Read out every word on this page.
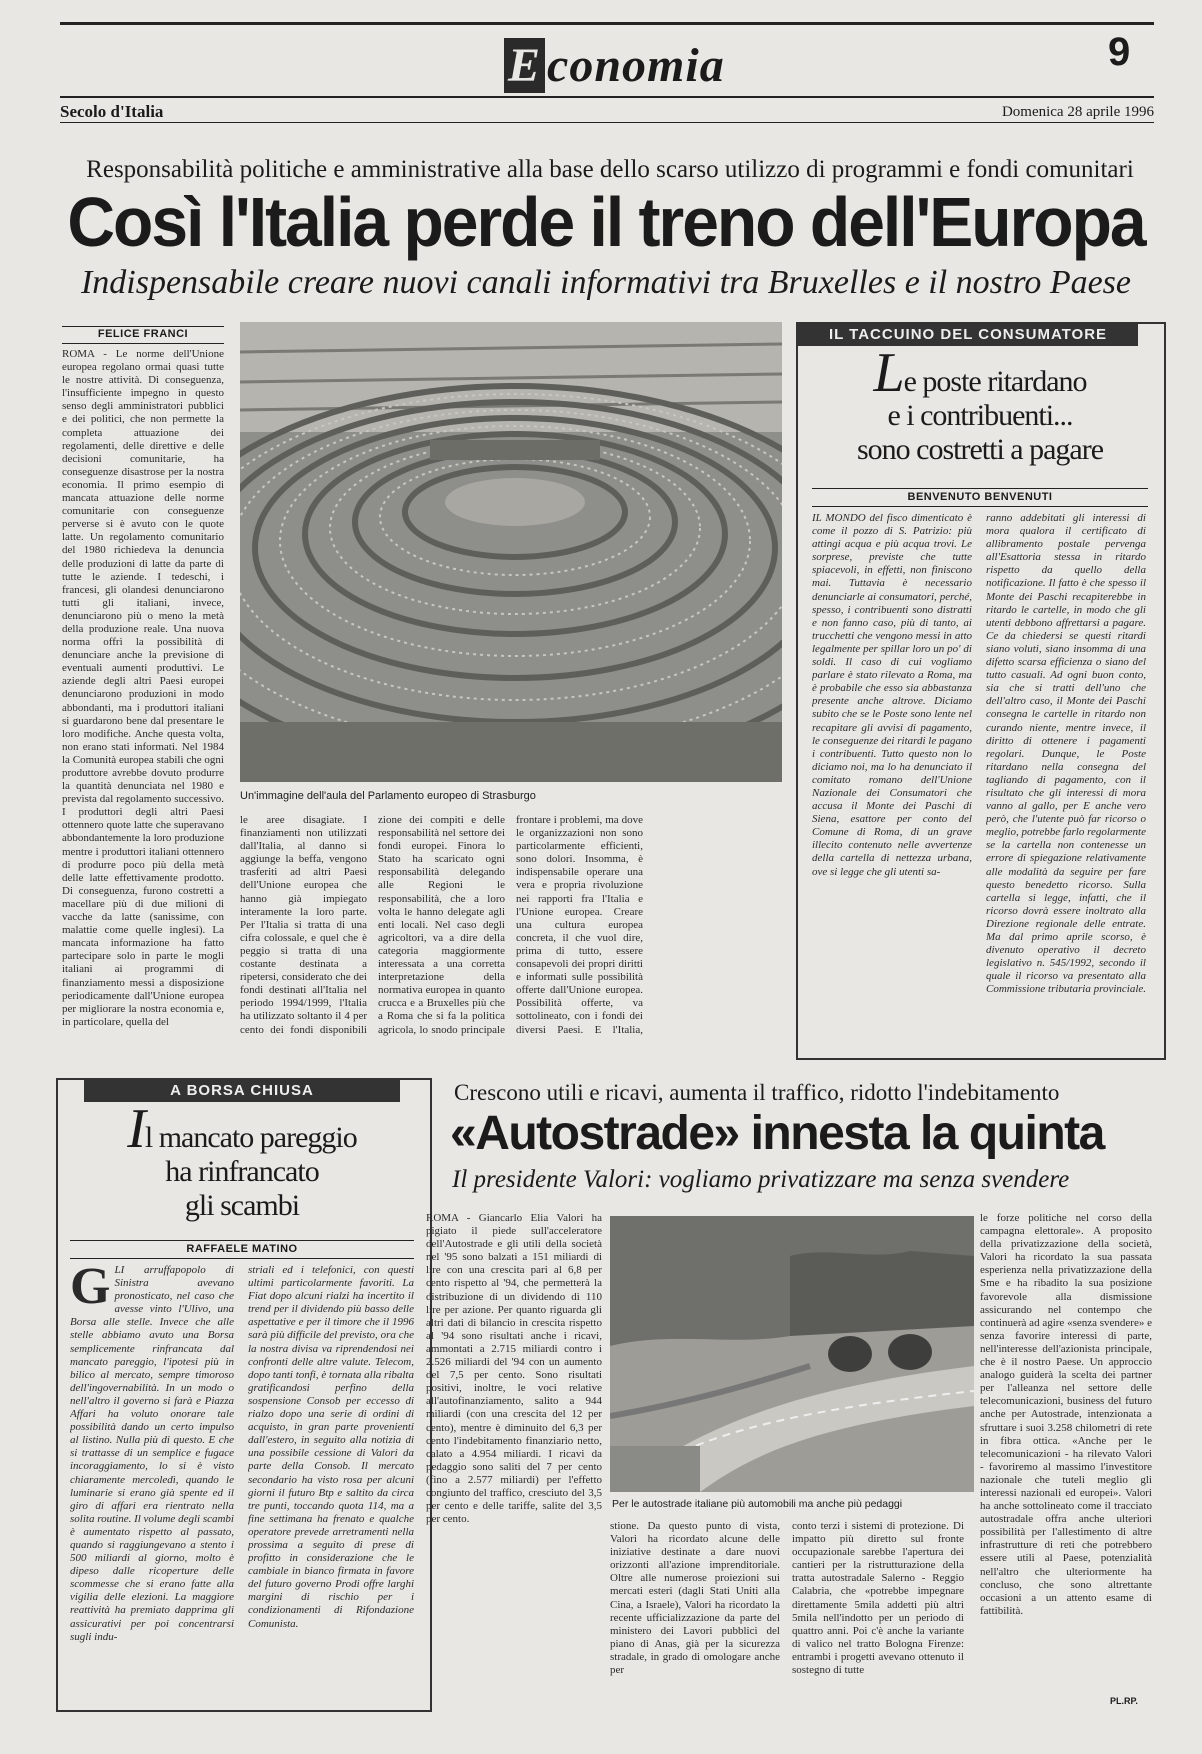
9
E conomia
Secolo d'Italia	Domenica 28 aprile 1996
Responsabilità politiche e amministrative alla base dello scarso utilizzo di programmi e fondi comunitari
Così l'Italia perde il treno dell'Europa
Indispensabile creare nuovi canali informativi tra Bruxelles e il nostro Paese
FELICE FRANCI
ROMA - Le norme dell'Unione europea regolano ormai quasi tutte le nostre attività. Di conseguenza, l'insufficiente impegno in questo senso degli amministratori pubblici e dei politici, che non permette la completa attuazione dei regolamenti, delle direttive e delle decisioni comunitarie, ha conseguenze disastrose per la nostra economia. Il primo esempio di mancata attuazione delle norme comunitarie con conseguenze perverse si è avuto con le quote latte. Un regolamento comunitario del 1980 richiedeva la denuncia delle produzioni di latte da parte di tutte le aziende. I tedeschi, i francesi, gli olandesi denunciarono tutti gli italiani, invece, denunciarono più o meno la metà della produzione reale. Una nuova norma offrì la possibilità di denunciare anche la previsione di eventuali aumenti produttivi. Le aziende degli altri Paesi europei denunciarono produzioni in modo abbondanti, ma i produttori italiani si guardarono bene dal presentare le loro modifiche. Anche questa volta, non erano stati informati. Nel 1984 la Comunità europea stabilì che ogni produttore avrebbe dovuto produrre la quantità denunciata nel 1980 e prevista dal regolamento successivo. I produttori degli altri Paesi ottennero quote latte che superavano abbondantemente la loro produzione mentre i produttori italiani ottennero di produrre poco più della metà delle latte effettivamente prodotto. Di conseguenza, furono costretti a macellare più di due milioni di vacche da latte (sanissime, con malattie come quelle inglesi). La mancata informazione ha fatto partecipare solo in parte le mogli italiani ai programmi di finanziamento messi a disposizione periodicamente dall'Unione europea per migliorare la nostra economia e, in particolare, quella del
Un'immagine dell'aula del Parlamento europeo di Strasburgo
le aree disagiate. I finanziamenti non utilizzati dall'Italia, al danno si aggiunge la beffa, vengono trasferiti ad altri Paesi dell'Unione europea che hanno già impiegato interamente la loro parte. Per l'Italia si tratta di una cifra colossale, e quel che è peggio si tratta di una costante destinata a ripetersi, considerato che dei fondi destinati all'Italia nel periodo 1994/1999, l'Italia ha utilizzato soltanto il 4 per cento dei fondi disponibili
zione dei compiti e delle responsabilità nel settore dei fondi europei. Finora lo Stato ha scaricato ogni responsabilità delegando alle Regioni le responsabilità, che a loro volta le hanno delegate agli enti locali. Nel caso degli agricoltori, va a dire della categoria maggiormente interessata a una corretta interpretazione della normativa europea in quanto crucca e a Bruxelles più che a Roma che si fa la politica agricola, lo snodo principale
frontare i problemi, ma dove le organizzazioni non sono particolarmente efficienti, sono dolori. Insomma, è indispensabile operare una vera e propria rivoluzione nei rapporti fra l'Italia e l'Unione europea. Creare una cultura europea concreta, il che vuol dire, prima di tutto, essere consapevoli dei propri diritti e informati sulle possibilità offerte dall'Unione europea. Possibilità offerte, va sottolineato, con i fondi dei diversi Paesi. E l'Italia,
IL TACCUINO DEL CONSUMATORE
Le poste ritardano
e i contribuenti...
sono costretti a pagare
BENVENUTO BENVENUTI
IL MONDO del fisco dimenticato è come il pozzo di S. Patrizio: più attingi acqua e più acqua trovi. Le sorprese, previste che tutte spiacevoli, in effetti, non finiscono mai. Tuttavia è necessario denunciarle ai consumatori, perché, spesso, i contribuenti sono distratti e non fanno caso, più di tanto, ai trucchetti che vengono messi in atto legalmente per spillar loro un po' di soldi. Il caso di cui vogliamo parlare è stato rilevato a Roma, ma è probabile che esso sia abbastanza presente anche altrove. Diciamo subito che se le Poste sono lente nel recapitare gli avvisi di pagamento, le conseguenze dei ritardi le pagano i contribuenti. Tutto questo non lo diciamo noi, ma lo ha denunciato il comitato romano dell'Unione Nazionale dei Consumatori che accusa il Monte dei Paschi di Siena, esattore per conto del Comune di Roma, di un grave illecito contenuto nelle avvertenze della cartella di nettezza urbana, ove si legge che gli utenti sa-
ranno addebitati gli interessi di mora qualora il certificato di allibramento postale pervenga all'Esattoria stessa in ritardo rispetto da quello della notificazione. Il fatto è che spesso il Monte dei Paschi recapiterebbe in ritardo le cartelle, in modo che gli utenti debbono affrettarsi a pagare. Ce da chiedersi se questi ritardi siano voluti, siano insomma di una difetto scarsa efficienza o siano del tutto casuali. Ad ogni buon conto, sia che si tratti dell'uno che dell'altro caso, il Monte dei Paschi consegna le cartelle in ritardo non curando niente, mentre invece, il diritto di ottenere i pagamenti regolari. Dunque, le Poste ritardano nella consegna del tagliando di pagamento, con il risultato che gli interessi di mora vanno al gallo, per E anche vero però, che l'utente può far ricorso o meglio, potrebbe farlo regolarmente se la cartella non contenesse un errore di spiegazione relativamente alle modalità da seguire per fare questo benedetto ricorso. Sulla cartella si legge, infatti, che il ricorso dovrà essere inoltrato alla Direzione regionale delle entrate. Ma dal primo aprile scorso, è divenuto operativo il decreto legislativo n. 545/1992, secondo il quale il ricorso va presentato alla Commissione tributaria provinciale.
A BORSA CHIUSA
Il mancato pareggio
ha rinfrancato
gli scambi
RAFFAELE MATINO
GLI arruffapopolo di Sinistra avevano pronosticato, nel caso che avesse vinto l'Ulivo, una Borsa alle stelle. Invece che alle stelle abbiamo avuto una Borsa semplicemente rinfrancata dal mancato pareggio, l'ipotesi più in bilico al mercato, sempre timoroso dell'ingovernabilità. In un modo o nell'altro il governo si farà e Piazza Affari ha voluto onorare tale possibilità dando un certo impulso al listino. Nulla più di questo. E che si trattasse di un semplice e fugace incoraggiamento, lo si è visto chiaramente mercoledì, quando le luminarie si erano già spente ed il giro di affari era rientrato nella solita routine. Il volume degli scambi è aumentato rispetto al passato, quando si raggiungevano a stento i 500 miliardi al giorno, molto è dipeso dalle ricoperture delle scommesse che si erano fatte alla vigilia delle elezioni. La maggiore reattività ha premiato dapprima gli assicurativi per poi concentrarsi sugli indu-
striali ed i telefonici, con questi ultimi particolarmente favoriti. La Fiat dopo alcuni rialzi ha incertito il trend per il dividendo più basso delle aspettative e per il timore che il 1996 sarà più difficile del previsto, ora che la nostra divisa va riprendendosi nei confronti delle altre valute. Telecom, dopo tanti tonfi, è tornata alla ribalta gratificandosi perfino della sospensione Consob per eccesso di rialzo dopo una serie di ordini di acquisto, in gran parte provenienti dall'estero, in seguito alla notizia di una possibile cessione di Valori da parte della Consob. Il mercato secondario ha visto rosa per alcuni giorni il futuro Btp e saltito da circa tre punti, toccando quota 114, ma a fine settimana ha frenato e qualche operatore prevede arretramenti nella prossima a seguito di prese di profitto in considerazione che le cambiale in bianco firmata in favore del futuro governo Prodi offre larghi margini di rischio per i condizionamenti di Rifondazione Comunista.
Crescono utili e ricavi, aumenta il traffico, ridotto l'indebitamento
«Autostrade» innesta la quinta
Il presidente Valori: vogliamo privatizzare ma senza svendere
ROMA - Giancarlo Elia Valori ha pigiato il piede sull'acceleratore dell'Autostrade e gli utili della società nel '95 sono balzati a 151 miliardi di lire con una crescita pari al 6,8 per cento rispetto al '94, che permetterà la distribuzione di un dividendo di 110 lire per azione. Per quanto riguarda gli altri dati di bilancio in crescita rispetto al '94 sono risultati anche i ricavi, ammontati a 2.715 miliardi contro i 2.526 miliardi del '94 con un aumento del 7,5 per cento. Sono risultati positivi, inoltre, le voci relative all'autofinanziamento, salito a 944 miliardi (con una crescita del 12 per cento), mentre è diminuito del 6,3 per cento l'indebitamento finanziario netto, calato a 4.954 miliardi. I ricavi da pedaggio sono saliti del 7 per cento (fino a 2.577 miliardi) per l'effetto congiunto del traffico, cresciuto del 3,5 per cento e delle tariffe, salite del 3,5 per cento.
Per le autostrade italiane più automobili ma anche più pedaggi
stione. Da questo punto di vista, Valori ha ricordato alcune delle iniziative destinate a dare nuovi orizzonti all'azione imprenditoriale. Oltre alle numerose proiezioni sui mercati esteri (dagli Stati Uniti alla Cina, a Israele), Valori ha ricordato la recente ufficializzazione da parte del ministero dei Lavori pubblici del piano di Anas, già per la sicurezza stradale, in grado di omologare anche per
conto terzi i sistemi di protezione. Di impatto più diretto sul fronte occupazionale sarebbe l'apertura dei cantieri per la ristrutturazione della tratta autostradale Salerno - Reggio Calabria, che «potrebbe impegnare direttamente 5mila addetti più altri 5mila nell'indotto per un periodo di quattro anni. Poi c'è anche la variante di valico nel tratto Bologna Firenze: entrambi i progetti avevano ottenuto il sostegno di tutte
le forze politiche nel corso della campagna elettorale». A proposito della privatizzazione della società, Valori ha ricordato la sua passata esperienza nella privatizzazione della Sme e ha ribadito la sua posizione favorevole alla dismissione assicurando nel contempo che continuerà ad agire «senza svendere» e senza favorire interessi di parte, nell'interesse dell'azionista principale, che è il nostro Paese. Un approccio analogo guiderà la scelta dei partner per l'alleanza nel settore delle telecomunicazioni, business del futuro anche per Autostrade, intenzionata a sfruttare i suoi 3.258 chilometri di rete in fibra ottica. «Anche per le telecomunicazioni - ha rilevato Valori - favoriremo al massimo l'investitore nazionale che tuteli meglio gli interessi nazionali ed europei». Valori ha anche sottolineato come il tracciato autostradale offra anche ulteriori possibilità per l'allestimento di altre infrastrutture di reti che potrebbero essere utili al Paese, potenzialità nell'altro che ulteriormente ha concluso, che sono altrettante occasioni a un attento esame di fattibilità.
PL.RP.
